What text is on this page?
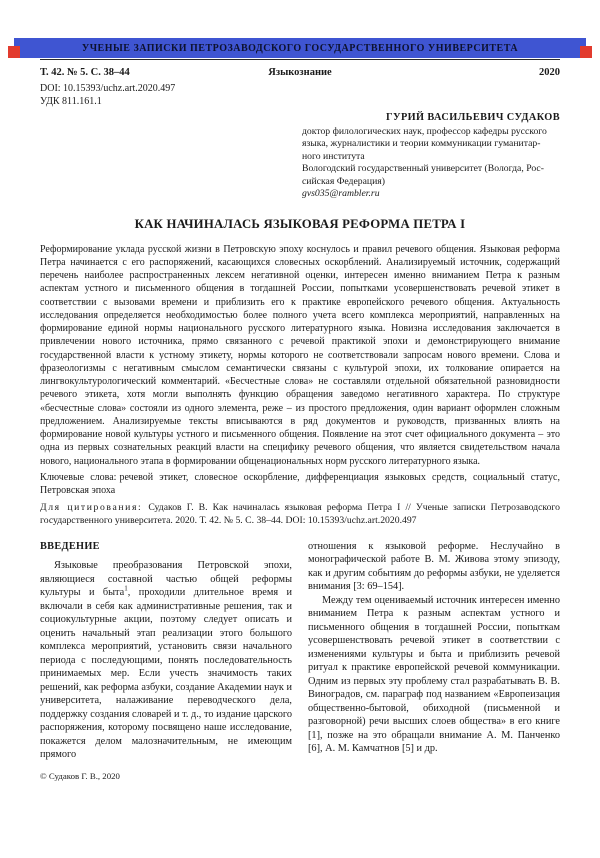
УЧЕНЫЕ ЗАПИСКИ ПЕТРОЗАВОДСКОГО ГОСУДАРСТВЕННОГО УНИВЕРСИТЕТА
Т. 42. № 5. С. 38–44	Языкознание	2020
DOI: 10.15393/uchz.art.2020.497
УДК 811.161.1
ГУРИЙ ВАСИЛЬЕВИЧ СУДАКОВ
доктор филологических наук, профессор кафедры русского
языка, журналистики и теории коммуникации гуманитар-
ного института
Вологодский государственный университет (Вологда, Рос-
сийская Федерация)
gvs035@rambler.ru
КАК НАЧИНАЛАСЬ ЯЗЫКОВАЯ РЕФОРМА ПЕТРА I
Реформирование уклада русской жизни в Петровскую эпоху коснулось и правил речевого общения. Языковая реформа Петра начинается с его распоряжений, касающихся словесных оскорблений. Анализируемый источник, содержащий перечень наиболее распространенных лексем негативной оценки, интересен именно вниманием Петра к разным аспектам устного и письменного общения в тогдашней России, попытками усовершенствовать речевой этикет в соответствии с вызовами времени и приблизить его к практике европейского речевого общения. Актуальность исследования определяется необходимостью более полного учета всего комплекса мероприятий, направленных на формирование единой нормы национального русского литературного языка. Новизна исследования заключается в привлечении нового источника, прямо связанного с речевой практикой эпохи и демонстрирующего внимание государственной власти к устному этикету, нормы которого не соответствовали запросам нового времени. Слова и фразеологизмы с негативным смыслом семантически связаны с культурой эпохи, их толкование опирается на лингвокультурологический комментарий. «Бесчестные слова» не составляли отдельной обязательной разновидности речевого этикета, хотя могли выполнять функцию обращения заведомо негативного характера. По структуре «бесчестные слова» состояли из одного элемента, реже – из простого предложения, один вариант оформлен сложным предложением. Анализируемые тексты вписываются в ряд документов и руководств, призванных влиять на формирование новой культуры устного и письменного общения. Появление на этот счет официального документа – это одна из первых сознательных реакций власти на специфику речевого общения, что является свидетельством начала нового, национального этапа в формировании общенациональных норм русского литературного языка.
Ключевые слова: речевой этикет, словесное оскорбление, дифференциация языковых средств, социальный статус, Петровская эпоха
Для цитирования: Судаков Г. В. Как начиналась языковая реформа Петра I // Ученые записки Петрозаводского государственного университета. 2020. Т. 42. № 5. С. 38–44. DOI: 10.15393/uchz.art.2020.497
ВВЕДЕНИЕ

Языковые преобразования Петровской эпохи, являющиеся составной частью общей реформы культуры и быта$^1$, проходили длительное время и включали в себя как административные решения, так и социокультурные акции, поэтому следует описать и оценить начальный этап реализации этого большого комплекса мероприятий, установить связи начального периода с последующими, понять последовательность принимаемых мер. Если учесть значимость таких решений, как реформа азбуки, создание Академии наук и университета, налаживание переводческого дела, поддержку создания словарей и т. д., то издание царского распоряжения, которому посвящено наше исследование, покажется делом малозначительным, не имеющим прямого

отношения к языковой реформе. Неслучайно в монографической работе В. М. Живова этому эпизоду, как и другим событиям до реформы азбуки, не уделяется внимания [3: 69–154].

Между тем оцениваемый источник интересен именно вниманием Петра к разным аспектам устного и письменного общения в тогдашней России, попыткам усовершенствовать речевой этикет в соответствии с изменениями культуры и быта и приблизить речевой ритуал к практике европейской речевой коммуникации. Одним из первых эту проблему стал разрабатывать В. В. Виноградов, см. параграф под названием «Европеизация общественно-бытовой, обиходной (письменной и разговорной) речи высших слоев общества» в его книге [1], позже на это обращали внимание А. М. Панченко [6], А. М. Камчатнов [5] и др.

© Судаков Г. В., 2020
